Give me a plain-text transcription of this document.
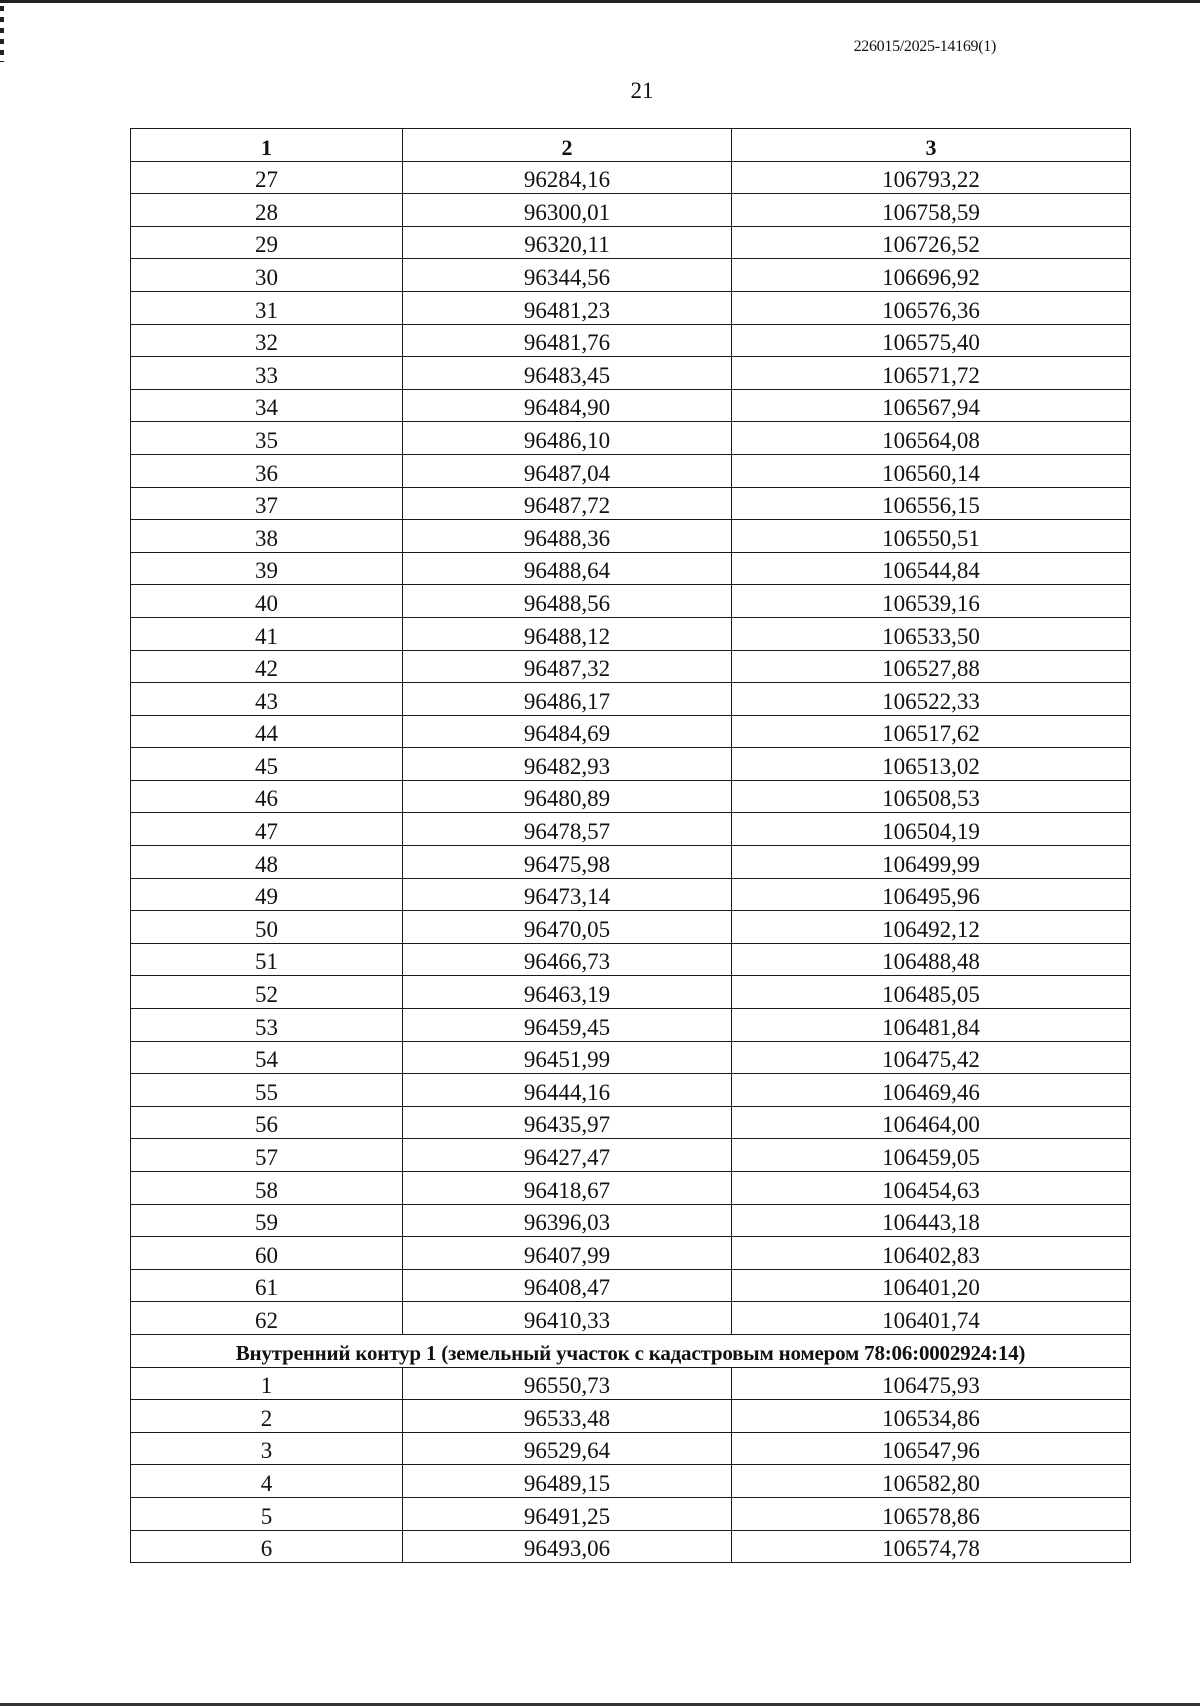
226015/2025-14169(1)
21
1	2	3
27	96284,16	106793,22
28	96300,01	106758,59
29	96320,11	106726,52
30	96344,56	106696,92
31	96481,23	106576,36
32	96481,76	106575,40
33	96483,45	106571,72
34	96484,90	106567,94
35	96486,10	106564,08
36	96487,04	106560,14
37	96487,72	106556,15
38	96488,36	106550,51
39	96488,64	106544,84
40	96488,56	106539,16
41	96488,12	106533,50
42	96487,32	106527,88
43	96486,17	106522,33
44	96484,69	106517,62
45	96482,93	106513,02
46	96480,89	106508,53
47	96478,57	106504,19
48	96475,98	106499,99
49	96473,14	106495,96
50	96470,05	106492,12
51	96466,73	106488,48
52	96463,19	106485,05
53	96459,45	106481,84
54	96451,99	106475,42
55	96444,16	106469,46
56	96435,97	106464,00
57	96427,47	106459,05
58	96418,67	106454,63
59	96396,03	106443,18
60	96407,99	106402,83
61	96408,47	106401,20
62	96410,33	106401,74
Внутренний контур 1 (земельный участок с кадастровым номером 78:06:0002924:14)		
1	96550,73	106475,93
2	96533,48	106534,86
3	96529,64	106547,96
4	96489,15	106582,80
5	96491,25	106578,86
6	96493,06	106574,78
